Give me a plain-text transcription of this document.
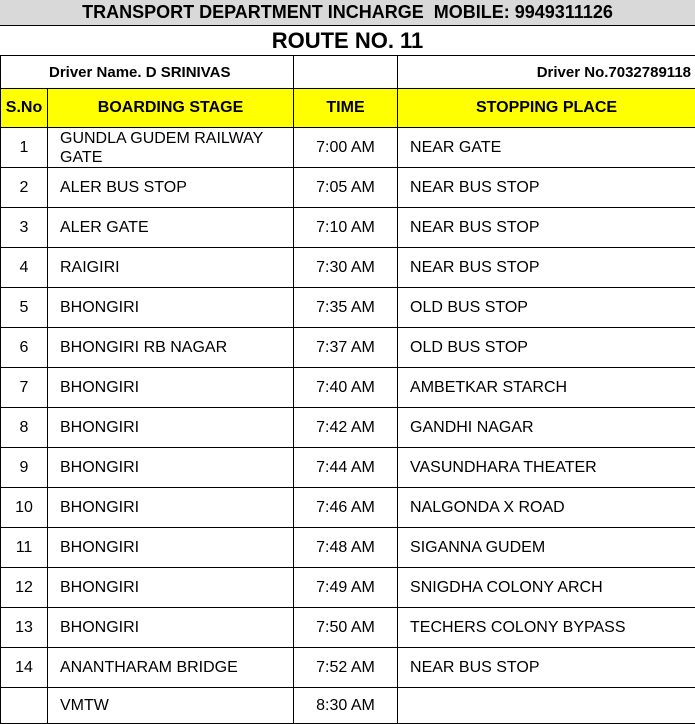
TRANSPORT DEPARTMENT INCHARGE  MOBILE: 9949311126
ROUTE NO. 11
Driver Name. D SRINIVAS			Driver No.7032789118
S.No	BOARDING STAGE	TIME	STOPPING PLACE
1	GUNDLA GUDEM RAILWAY GATE	7:00 AM	NEAR GATE
2	ALER BUS STOP	7:05 AM	NEAR BUS STOP
3	ALER GATE	7:10 AM	NEAR BUS STOP
4	RAIGIRI	7:30 AM	NEAR BUS STOP
5	BHONGIRI	7:35 AM	OLD BUS STOP
6	BHONGIRI RB NAGAR	7:37 AM	OLD BUS STOP
7	BHONGIRI	7:40 AM	AMBETKAR STARCH
8	BHONGIRI	7:42 AM	GANDHI NAGAR
9	BHONGIRI	7:44 AM	VASUNDHARA THEATER
10	BHONGIRI	7:46 AM	NALGONDA X ROAD
11	BHONGIRI	7:48 AM	SIGANNA GUDEM
12	BHONGIRI	7:49 AM	SNIGDHA COLONY ARCH
13	BHONGIRI	7:50 AM	TECHERS COLONY BYPASS
14	ANANTHARAM BRIDGE	7:52 AM	NEAR BUS STOP
	VMTW	8:30 AM	
